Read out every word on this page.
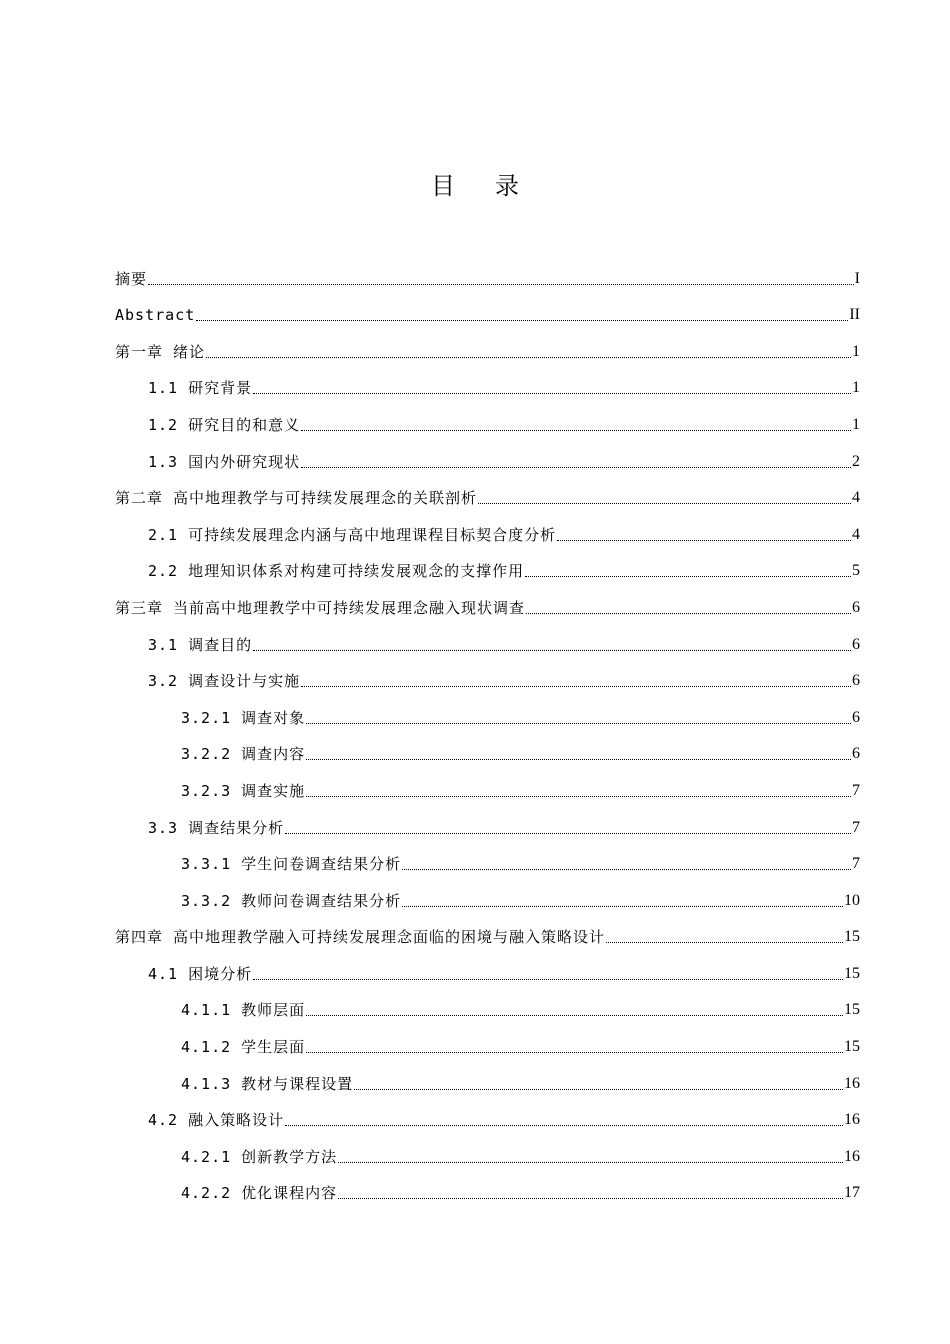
目录
摘要	I
Abstract	II
第一章 绪论	1
1.1 研究背景	1
1.2 研究目的和意义	1
1.3 国内外研究现状	2
第二章 高中地理教学与可持续发展理念的关联剖析	4
2.1 可持续发展理念内涵与高中地理课程目标契合度分析	4
2.2 地理知识体系对构建可持续发展观念的支撑作用	5
第三章 当前高中地理教学中可持续发展理念融入现状调查	6
3.1 调查目的	6
3.2 调查设计与实施	6
3.2.1 调查对象	6
3.2.2 调查内容	6
3.2.3 调查实施	7
3.3 调查结果分析	7
3.3.1 学生问卷调查结果分析	7
3.3.2 教师问卷调查结果分析	10
第四章 高中地理教学融入可持续发展理念面临的困境与融入策略设计	15
4.1 困境分析	15
4.1.1 教师层面	15
4.1.2 学生层面	15
4.1.3 教材与课程设置	16
4.2 融入策略设计	16
4.2.1 创新教学方法	16
4.2.2 优化课程内容	17
